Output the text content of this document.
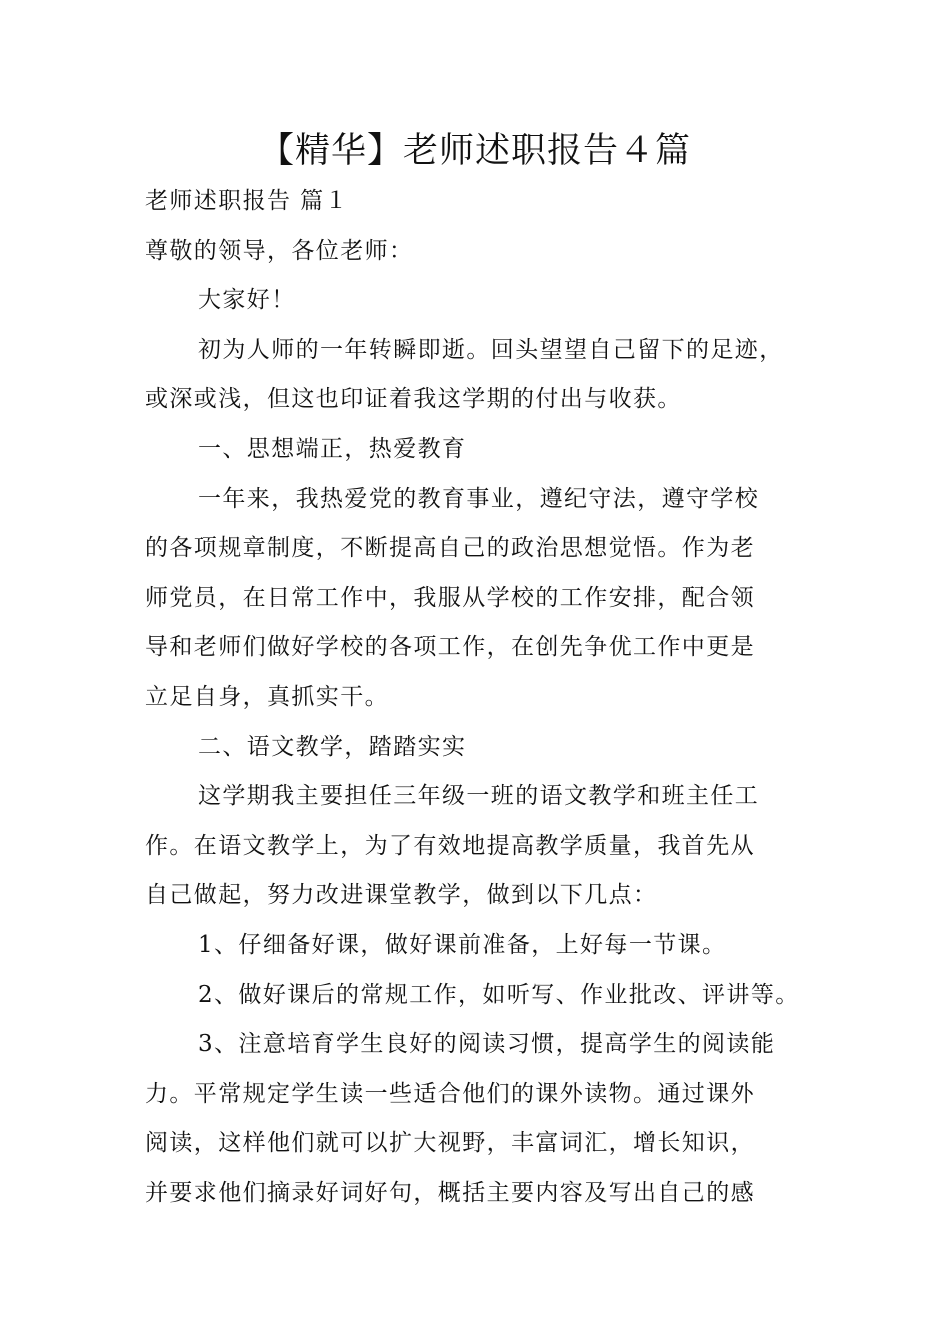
【精华】老师述职报告４篇
老师述职报告 篇１
尊敬的领导，各位老师：
大家好！
初为人师的一年转瞬即逝。回头望望自己留下的足迹，
或深或浅，但这也印证着我这学期的付出与收获。
一、思想端正，热爱教育
一年来，我热爱党的教育事业，遵纪守法，遵守学校
的各项规章制度，不断提高自己的政治思想觉悟。作为老
师党员，在日常工作中，我服从学校的工作安排，配合领
导和老师们做好学校的各项工作，在创先争优工作中更是
立足自身，真抓实干。
二、语文教学，踏踏实实
这学期我主要担任三年级一班的语文教学和班主任工
作。在语文教学上，为了有效地提高教学质量，我首先从
自己做起，努力改进课堂教学，做到以下几点：
1、仔细备好课，做好课前准备，上好每一节课。
2、做好课后的常规工作，如听写、作业批改、评讲等。
3、注意培育学生良好的阅读习惯，提高学生的阅读能
力。平常规定学生读一些适合他们的课外读物。通过课外
阅读，这样他们就可以扩大视野，丰富词汇，增长知识，
并要求他们摘录好词好句，概括主要内容及写出自己的感
